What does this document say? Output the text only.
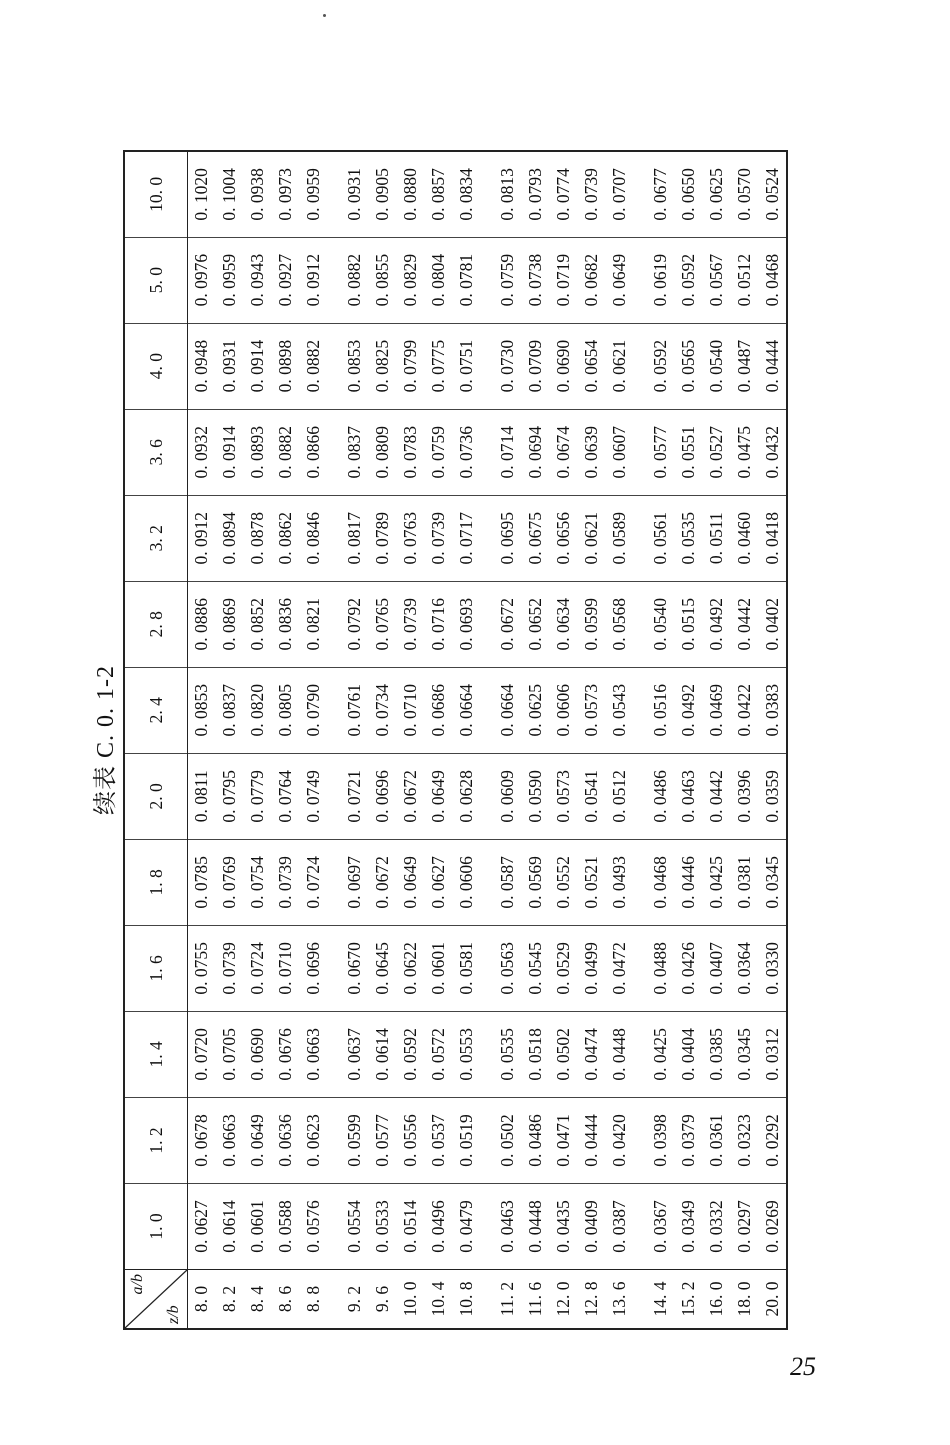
续表 C. 0. 1-2
a/b
z/b	1. 0	1. 2	1. 4	1. 6	1. 8	2. 0	2. 4	2. 8	3. 2	3. 6	4. 0	5. 0	10. 0
8. 0	0. 0627	0. 0678	0. 0720	0. 0755	0. 0785	0. 0811	0. 0853	0. 0886	0. 0912	0. 0932	0. 0948	0. 0976	0. 1020
8. 2	0. 0614	0. 0663	0. 0705	0. 0739	0. 0769	0. 0795	0. 0837	0. 0869	0. 0894	0. 0914	0. 0931	0. 0959	0. 1004
8. 4	0. 0601	0. 0649	0. 0690	0. 0724	0. 0754	0. 0779	0. 0820	0. 0852	0. 0878	0. 0893	0. 0914	0. 0943	0. 0938
8. 6	0. 0588	0. 0636	0. 0676	0. 0710	0. 0739	0. 0764	0. 0805	0. 0836	0. 0862	0. 0882	0. 0898	0. 0927	0. 0973
8. 8	0. 0576	0. 0623	0. 0663	0. 0696	0. 0724	0. 0749	0. 0790	0. 0821	0. 0846	0. 0866	0. 0882	0. 0912	0. 0959

9. 2	0. 0554	0. 0599	0. 0637	0. 0670	0. 0697	0. 0721	0. 0761	0. 0792	0. 0817	0. 0837	0. 0853	0. 0882	0. 0931
9. 6	0. 0533	0. 0577	0. 0614	0. 0645	0. 0672	0. 0696	0. 0734	0. 0765	0. 0789	0. 0809	0. 0825	0. 0855	0. 0905
10. 0	0. 0514	0. 0556	0. 0592	0. 0622	0. 0649	0. 0672	0. 0710	0. 0739	0. 0763	0. 0783	0. 0799	0. 0829	0. 0880
10. 4	0. 0496	0. 0537	0. 0572	0. 0601	0. 0627	0. 0649	0. 0686	0. 0716	0. 0739	0. 0759	0. 0775	0. 0804	0. 0857
10. 8	0. 0479	0. 0519	0. 0553	0. 0581	0. 0606	0. 0628	0. 0664	0. 0693	0. 0717	0. 0736	0. 0751	0. 0781	0. 0834

11. 2	0. 0463	0. 0502	0. 0535	0. 0563	0. 0587	0. 0609	0. 0664	0. 0672	0. 0695	0. 0714	0. 0730	0. 0759	0. 0813
11. 6	0. 0448	0. 0486	0. 0518	0. 0545	0. 0569	0. 0590	0. 0625	0. 0652	0. 0675	0. 0694	0. 0709	0. 0738	0. 0793
12. 0	0. 0435	0. 0471	0. 0502	0. 0529	0. 0552	0. 0573	0. 0606	0. 0634	0. 0656	0. 0674	0. 0690	0. 0719	0. 0774
12. 8	0. 0409	0. 0444	0. 0474	0. 0499	0. 0521	0. 0541	0. 0573	0. 0599	0. 0621	0. 0639	0. 0654	0. 0682	0. 0739
13. 6	0. 0387	0. 0420	0. 0448	0. 0472	0. 0493	0. 0512	0. 0543	0. 0568	0. 0589	0. 0607	0. 0621	0. 0649	0. 0707

14. 4	0. 0367	0. 0398	0. 0425	0. 0488	0. 0468	0. 0486	0. 0516	0. 0540	0. 0561	0. 0577	0. 0592	0. 0619	0. 0677
15. 2	0. 0349	0. 0379	0. 0404	0. 0426	0. 0446	0. 0463	0. 0492	0. 0515	0. 0535	0. 0551	0. 0565	0. 0592	0. 0650
16. 0	0. 0332	0. 0361	0. 0385	0. 0407	0. 0425	0. 0442	0. 0469	0. 0492	0. 0511	0. 0527	0. 0540	0. 0567	0. 0625
18. 0	0. 0297	0. 0323	0. 0345	0. 0364	0. 0381	0. 0396	0. 0422	0. 0442	0. 0460	0. 0475	0. 0487	0. 0512	0. 0570
20. 0	0. 0269	0. 0292	0. 0312	0. 0330	0. 0345	0. 0359	0. 0383	0. 0402	0. 0418	0. 0432	0. 0444	0. 0468	0. 0524
25
